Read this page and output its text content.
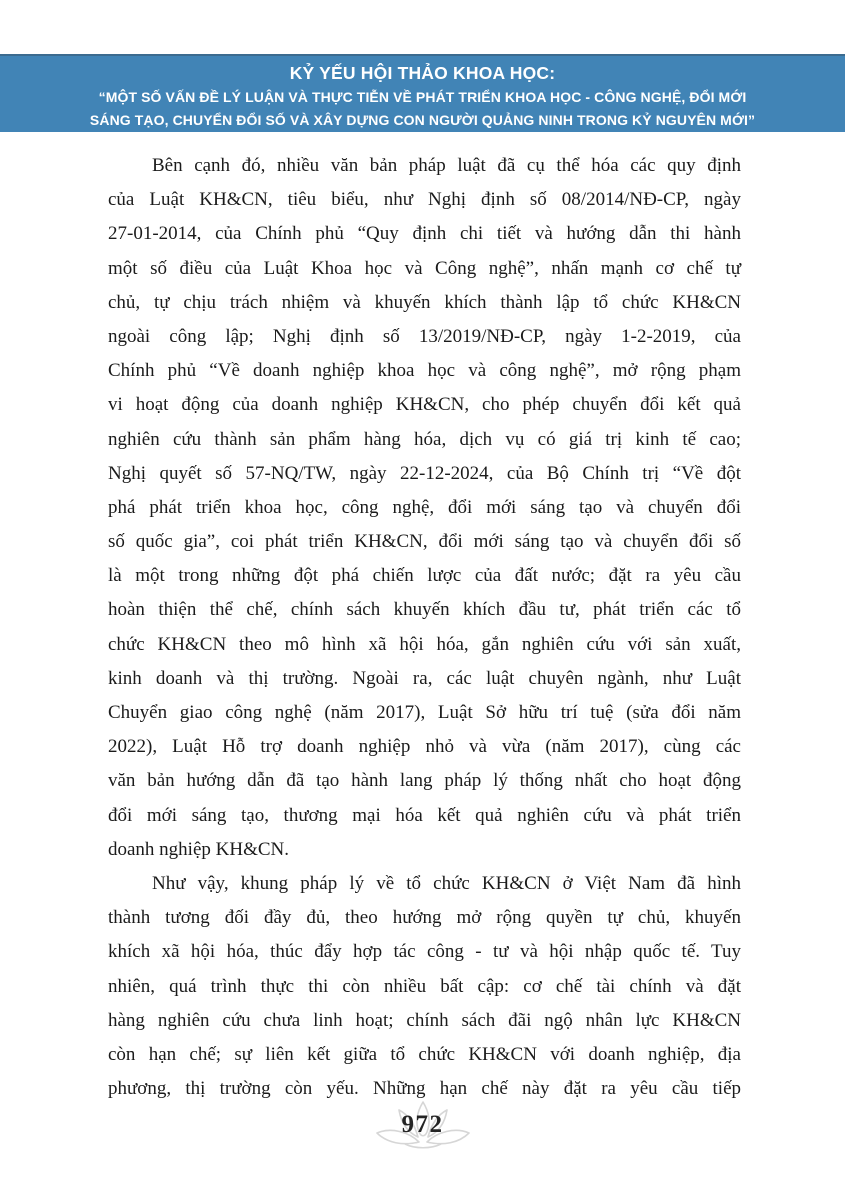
KỶ YẾU HỘI THẢO KHOA HỌC:
“MỘT SỐ VẤN ĐỀ LÝ LUẬN VÀ THỰC TIỄN VỀ PHÁT TRIỂN KHOA HỌC - CÔNG NGHỆ, ĐỔI MỚI
SÁNG TẠO, CHUYỂN ĐỔI SỐ VÀ XÂY DỰNG CON NGƯỜI QUẢNG NINH TRONG KỶ NGUYÊN MỚI”
Bên cạnh đó, nhiều văn bản pháp luật đã cụ thể hóa các quy định
của Luật KH&CN, tiêu biểu, như Nghị định số 08/2014/NĐ-CP, ngày
27-01-2014, của Chính phủ “Quy định chi tiết và hướng dẫn thi hành
một số điều của Luật Khoa học và Công nghệ”, nhấn mạnh cơ chế tự
chủ, tự chịu trách nhiệm và khuyến khích thành lập tổ chức KH&CN
ngoài công lập; Nghị định số 13/2019/NĐ-CP, ngày 1-2-2019, của
Chính phủ “Về doanh nghiệp khoa học và công nghệ”, mở rộng phạm
vi hoạt động của doanh nghiệp KH&CN, cho phép chuyển đổi kết quả
nghiên cứu thành sản phẩm hàng hóa, dịch vụ có giá trị kinh tế cao;
Nghị quyết số 57-NQ/TW, ngày 22-12-2024, của Bộ Chính trị “Về đột
phá phát triển khoa học, công nghệ, đổi mới sáng tạo và chuyển đổi
số quốc gia”, coi phát triển KH&CN, đổi mới sáng tạo và chuyển đổi số
là một trong những đột phá chiến lược của đất nước; đặt ra yêu cầu
hoàn thiện thể chế, chính sách khuyến khích đầu tư, phát triển các tổ
chức KH&CN theo mô hình xã hội hóa, gắn nghiên cứu với sản xuất,
kinh doanh và thị trường. Ngoài ra, các luật chuyên ngành, như Luật
Chuyển giao công nghệ (năm 2017), Luật Sở hữu trí tuệ (sửa đổi năm
2022), Luật Hỗ trợ doanh nghiệp nhỏ và vừa (năm 2017), cùng các
văn bản hướng dẫn đã tạo hành lang pháp lý thống nhất cho hoạt động
đổi mới sáng tạo, thương mại hóa kết quả nghiên cứu và phát triển
doanh nghiệp KH&CN.
Như vậy, khung pháp lý về tổ chức KH&CN ở Việt Nam đã hình
thành tương đối đầy đủ, theo hướng mở rộng quyền tự chủ, khuyến
khích xã hội hóa, thúc đẩy hợp tác công - tư và hội nhập quốc tế. Tuy
nhiên, quá trình thực thi còn nhiều bất cập: cơ chế tài chính và đặt
hàng nghiên cứu chưa linh hoạt; chính sách đãi ngộ nhân lực KH&CN
còn hạn chế; sự liên kết giữa tổ chức KH&CN với doanh nghiệp, địa
phương, thị trường còn yếu. Những hạn chế này đặt ra yêu cầu tiếp
972
